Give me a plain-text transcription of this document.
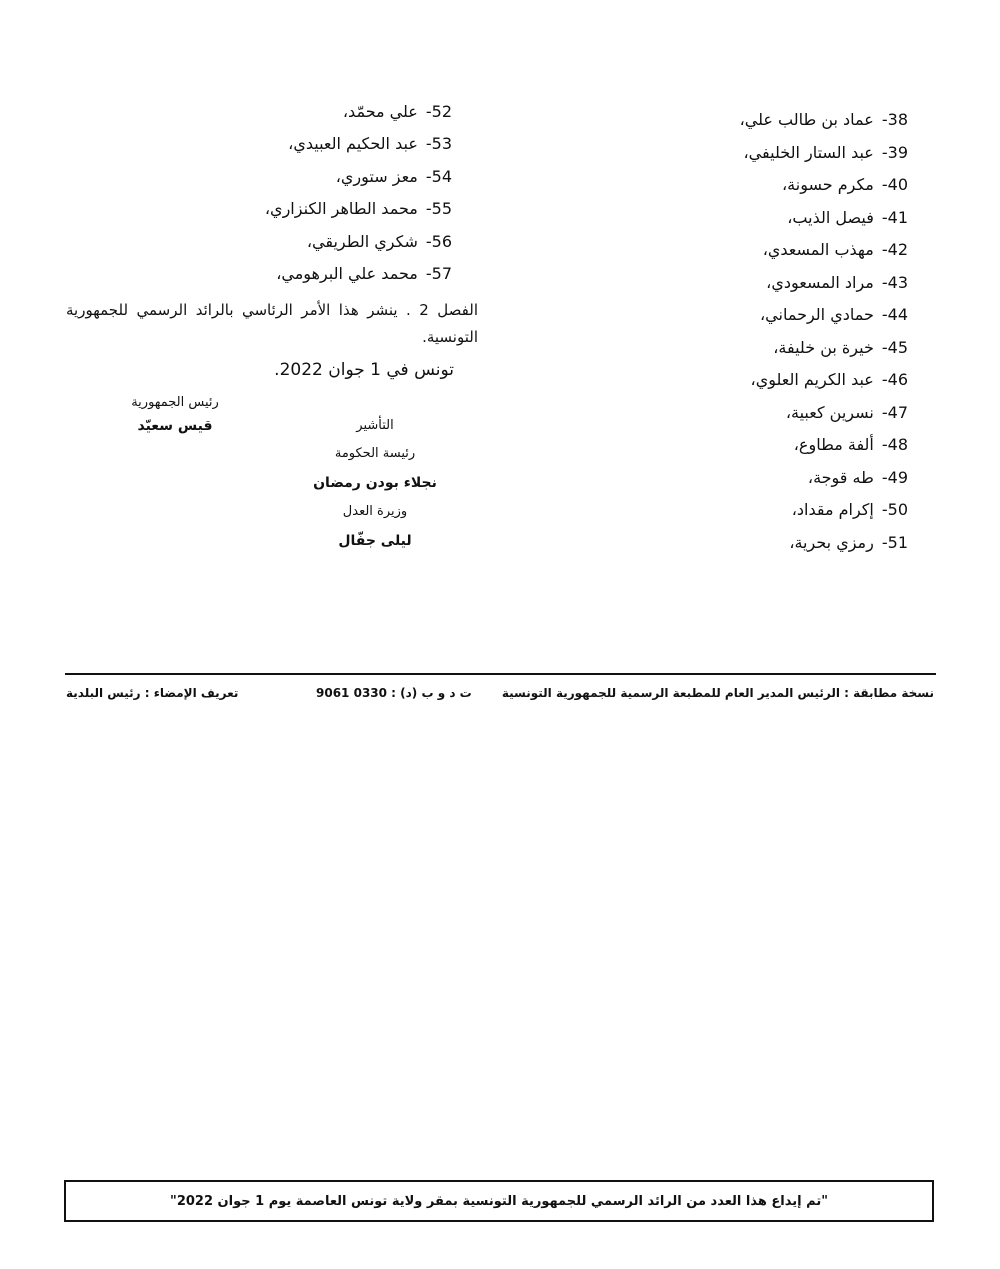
38-عماد بن طالب علي،
39-عبد الستار الخليفي،
40-مكرم حسونة،
41-فيصل الذيب،
42-مهذب المسعدي،
43-مراد المسعودي،
44-حمادي الرحماني،
45-خيرة بن خليفة،
46-عبد الكريم العلوي،
47-نسرين كعبية،
48-ألفة مطاوع،
49-طه قوجة،
50-إكرام مقداد،
51-رمزي بحرية،
52-علي محمّد،
53-عبد الحكيم العبيدي،
54-معز ستوري،
55-محمد الطاهر الكنزاري،
56-شكري الطريقي،
57-محمد علي البرهومي،
الفصل 2 . ينشر هذا الأمر الرئاسي بالرائد الرسمي للجمهورية التونسية.
تونس في 1 جوان 2022.
رئيس الجمهورية
قيس سعيّد	التأشير
رئيسة الحكومة
نجلاء بودن رمضان
وزيرة العدل
ليلى جفّال
نسخة مطابقة : الرئيس المدير العام للمطبعة الرسمية للجمهورية التونسية
ت د و ب (د) : 0330 9061
تعريف الإمضاء : رئيس البلدية
"تم إيداع هذا العدد من الرائد الرسمي للجمهورية التونسية بمقر ولاية تونس العاصمة يوم 1 جوان 2022"
